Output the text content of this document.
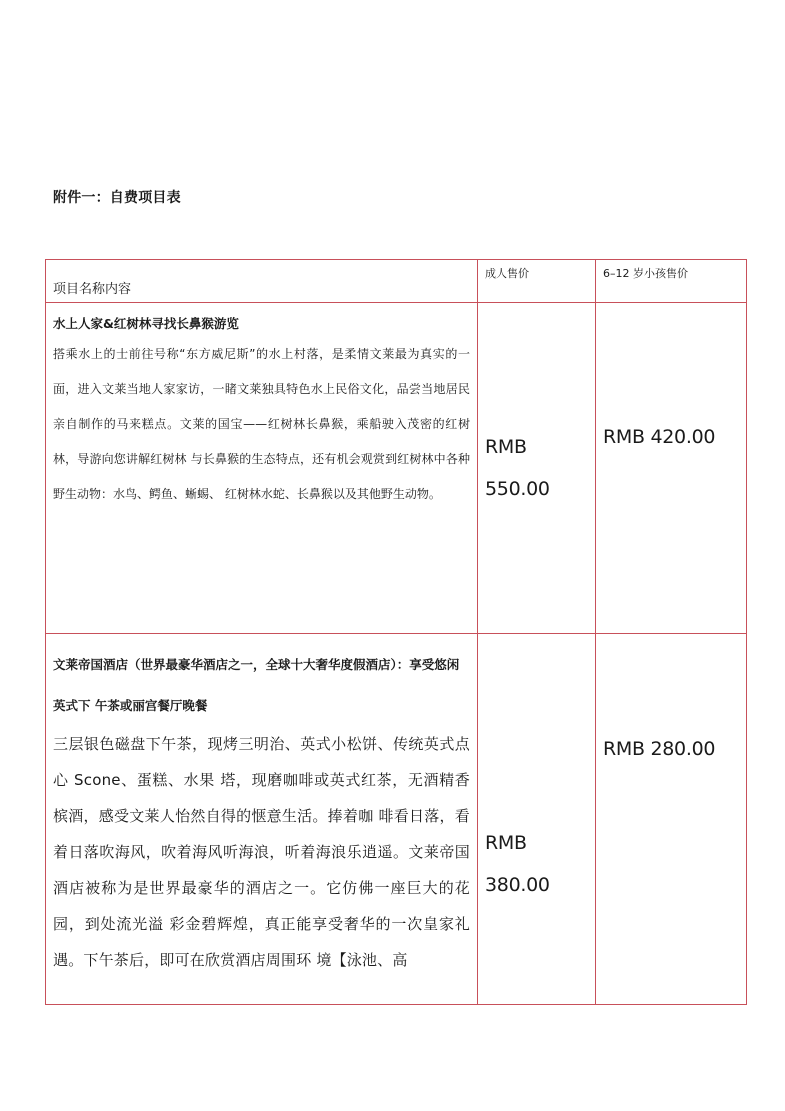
附件一：自费项目表
项目名称内容	成人售价	6–12 岁小孩售价

水上人家&红树林寻找长鼻猴游览

搭乘水上的士前往号称“东方威尼斯”的水上村落，是柔情文莱最为真实的一面，进入文莱当地人家家访，一睹文莱独具特色水上民俗文化，品尝当地居民亲自制作的马来糕点。文莱的国宝——红树林长鼻猴，乘船驶入茂密的红树林，导游向您讲解红树林 与长鼻猴的生态特点，还有机会观赏到红树林中各种野生动物：水鸟、鳄鱼、蜥蜴、 红树林水蛇、长鼻猴以及其他野生动物。	RMB 550.00	RMB 420.00

文莱帝国酒店（世界最豪华酒店之一，全球十大奢华度假酒店）：享受悠闲英式下 午茶或丽宫餐厅晚餐

三层银色磁盘下午茶，现烤三明治、英式小松饼、传统英式点心 Scone、蛋糕、水果 塔，现磨咖啡或英式红茶，无酒精香槟酒，感受文莱人怡然自得的惬意生活。捧着咖 啡看日落，看着日落吹海风，吹着海风听海浪，听着海浪乐逍遥。文莱帝国酒店被称为是世界最豪华的酒店之一。它仿佛一座巨大的花园，到处流光溢 彩金碧辉煌，真正能享受奢华的一次皇家礼遇。下午茶后，即可在欣赏酒店周围环 境【泳池、高	RMB 380.00	RMB 280.00
